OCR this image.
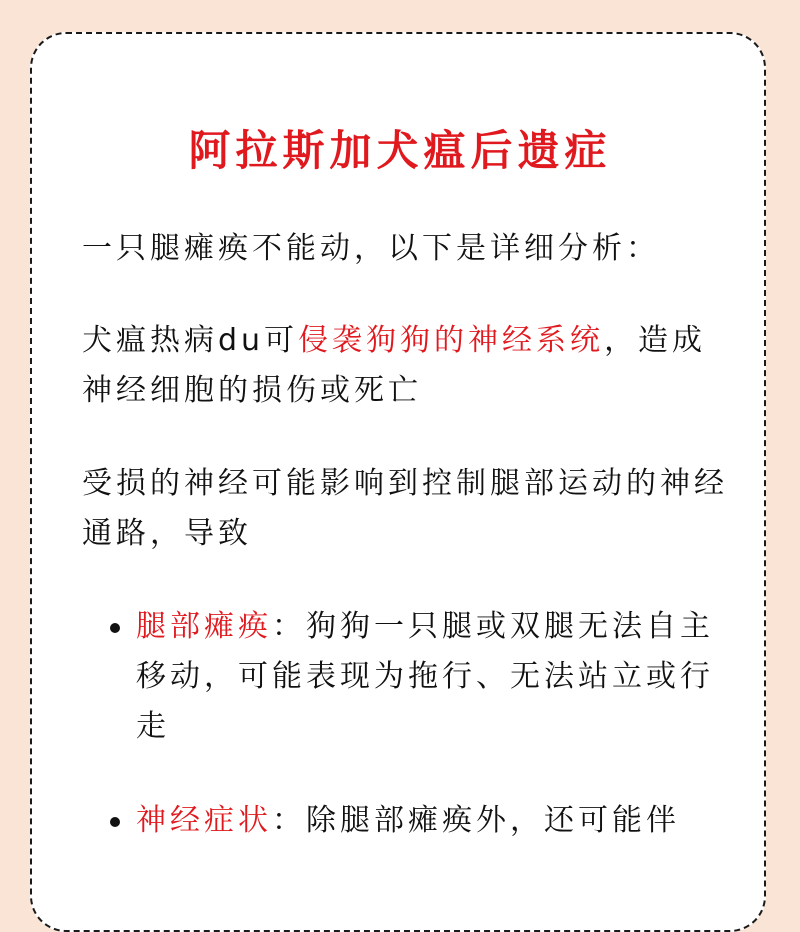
阿拉斯加犬瘟后遗症

一只腿瘫痪不能动，以下是详细分析：

犬瘟热病du可侵袭狗狗的神经系统，造成神经细胞的损伤或死亡

受损的神经可能影响到控制腿部运动的神经通路，导致

腿部瘫痪：狗狗一只腿或双腿无法自主移动，可能表现为拖行、无法站立或行走
神经症状：除腿部瘫痪外，还可能伴
